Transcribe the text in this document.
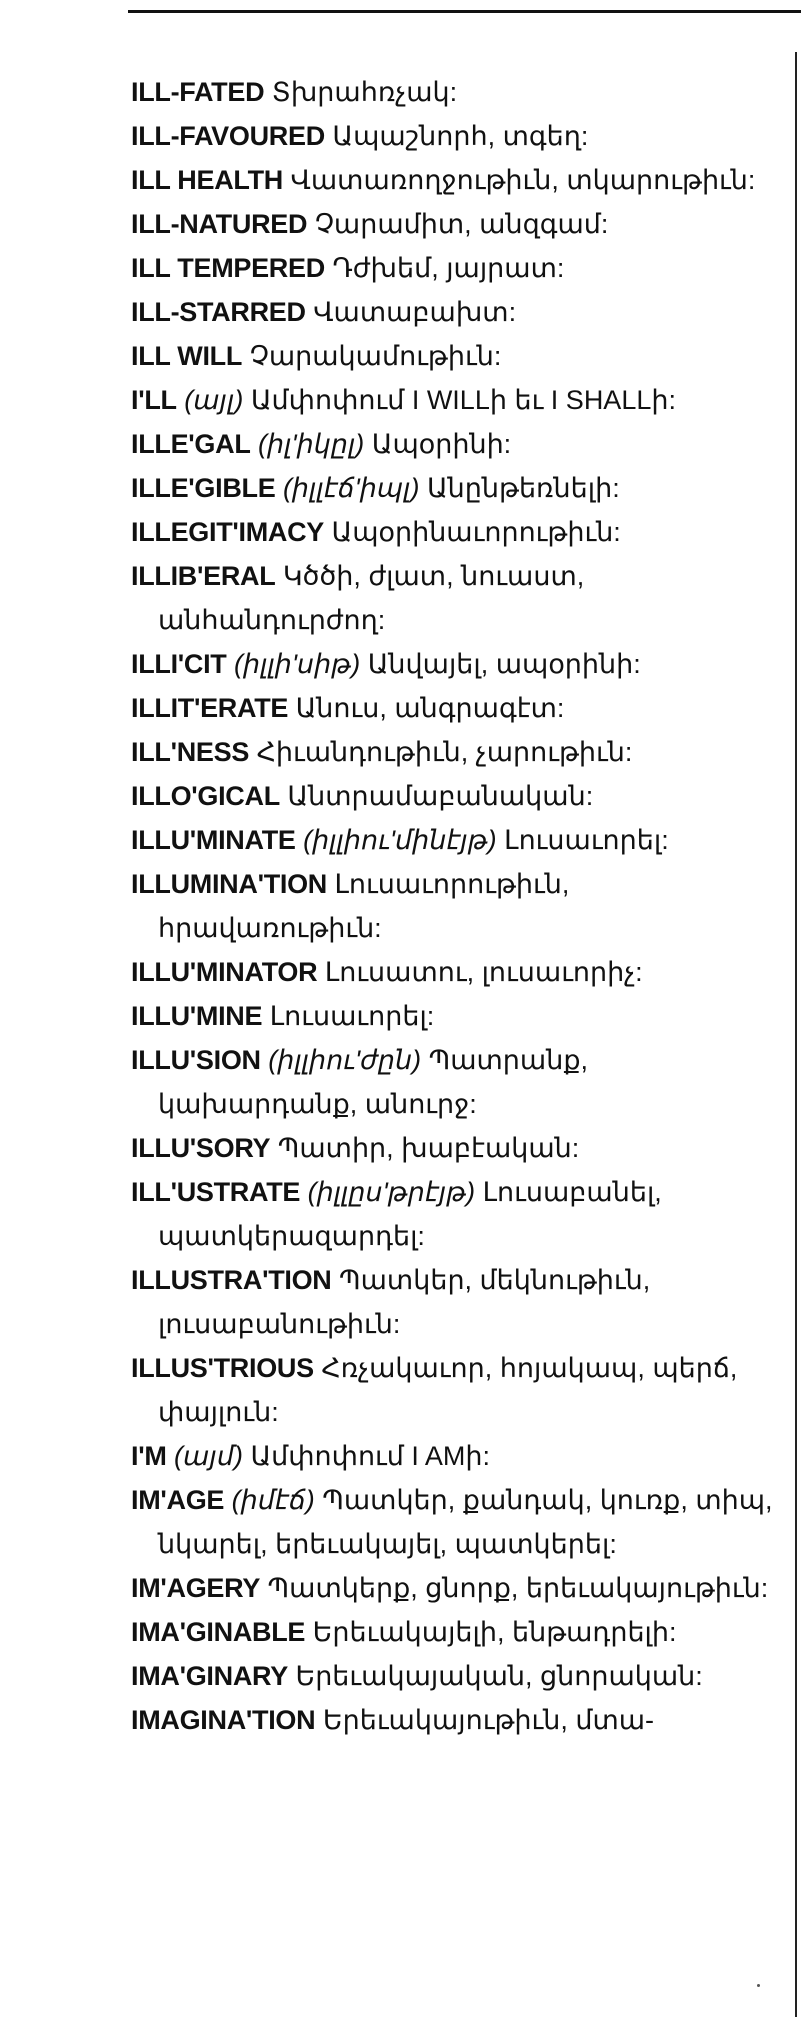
ILL-FATED Տխրահռչակ:

ILL-FAVOURED Ապաշնորհ, տգեղ:

ILL HEALTH Վատառողջութիւն, տկարութիւն:

ILL-NATURED Չարամիտ, անզգամ:

ILL TEMPERED Դժխեմ, յայրատ:

ILL-STARRED Վատաբախտ:

ILL WILL Չարակամութիւն:

I'LL (այլ) Ամփոփում I WILLի եւ I SHALLի:

ILLE'GAL (իլ'իկըլ) Ապօրինի:

ILLE'GIBLE (իլլէճ'իպլ) Անընթեռնելի:

ILLEGIT'IMACY Ապօրինաւորութիւն:

ILLIB'ERAL Կծծի, ժլատ, նուաստ, անհանդուրժող:

ILLI'CIT (իլլի'սիթ) Անվայել, ապօրինի:

ILLIT'ERATE Անուս, անգրագէտ:

ILL'NESS Հիւանդութիւն, չարութիւն:

ILLO'GICAL Անտրամաբանական:

ILLU'MINATE (իլլիու'մինէյթ) Լուսաւորել:

ILLUMINA'TION Լուսաւորութիւն, հրավառութիւն:

ILLU'MINATOR Լուսատու, լուսաւորիչ:

ILLU'MINE Լուսաւորել:

ILLU'SION (իլլիու'ժըն) Պատրանք, կախարդանք, անուրջ:

ILLU'SORY Պատիր, խաբէական:

ILL'USTRATE (իլլըս'թրէյթ) Լուսաբանել, պատկերազարդել:

ILLUSTRA'TION Պատկեր, մեկնութիւն, լուսաբանութիւն:

ILLUS'TRIOUS Հռչակաւոր, հոյակապ, պերճ, փայլուն:

I'M (այմ) Ամփոփում I AMի:

IM'AGE (իմէճ) Պատկեր, քանդակ, կուռք, տիպ, նկարել, երեւակայել, պատկերել:

IM'AGERY Պատկերք, ցնորք, երեւակայութիւն:

IMA'GINABLE Երեւակայելի, ենթադրելի:

IMA'GINARY Երեւակայական, ցնորական:

IMAGINA'TION Երեւակայութիւն, մտա-
